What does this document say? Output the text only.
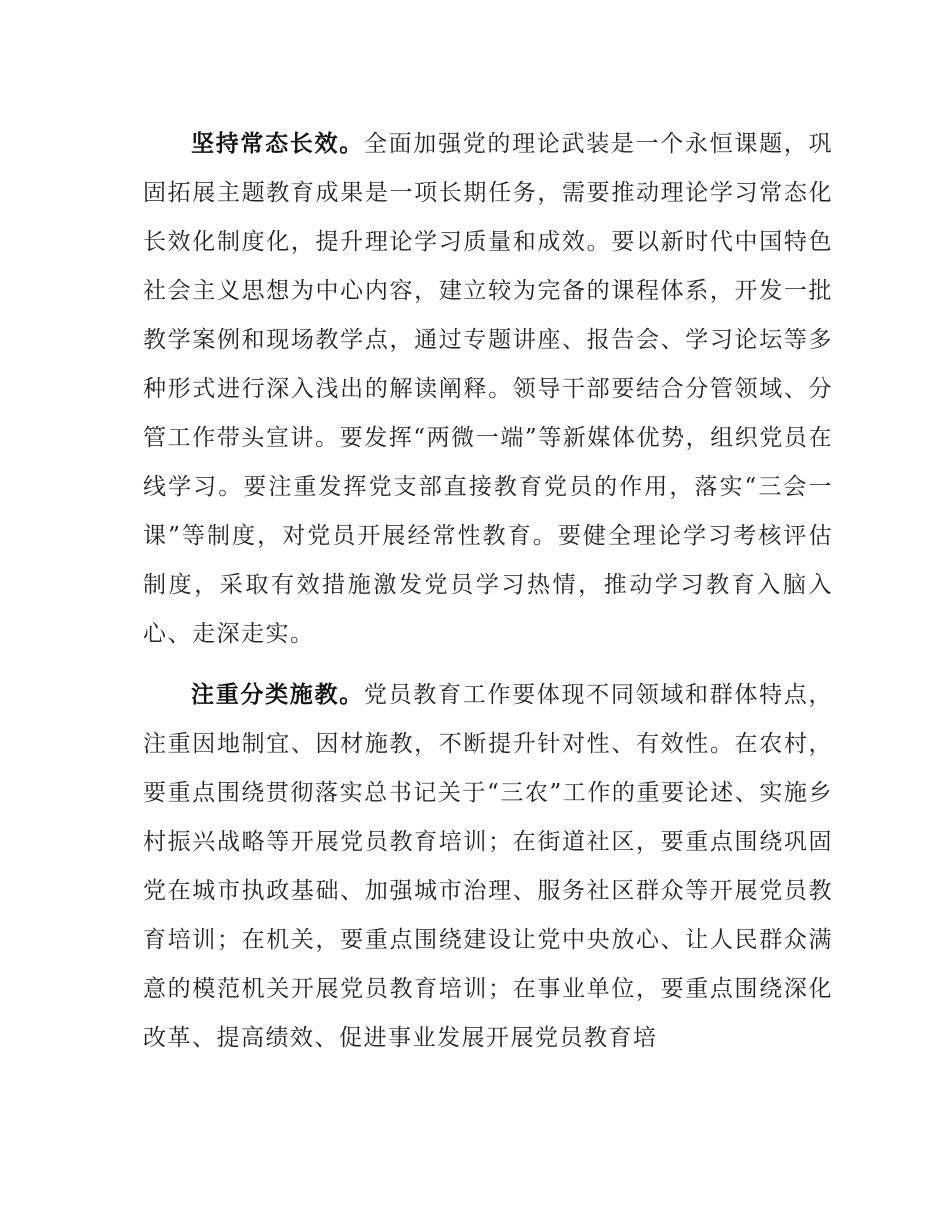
坚持常态长效。全面加强党的理论武装是一个永恒课题，巩固拓展主题教育成果是一项长期任务，需要推动理论学习常态化长效化制度化，提升理论学习质量和成效。要以新时代中国特色社会主义思想为中心内容，建立较为完备的课程体系，开发一批教学案例和现场教学点，通过专题讲座、报告会、学习论坛等多种形式进行深入浅出的解读阐释。领导干部要结合分管领域、分管工作带头宣讲。要发挥“两微一端”等新媒体优势，组织党员在线学习。要注重发挥党支部直接教育党员的作用，落实“三会一课”等制度，对党员开展经常性教育。要健全理论学习考核评估制度，采取有效措施激发党员学习热情，推动学习教育入脑入心、走深走实。

注重分类施教。党员教育工作要体现不同领域和群体特点，注重因地制宜、因材施教，不断提升针对性、有效性。在农村，要重点围绕贯彻落实总书记关于“三农”工作的重要论述、实施乡村振兴战略等开展党员教育培训；在街道社区，要重点围绕巩固党在城市执政基础、加强城市治理、服务社区群众等开展党员教育培训；在机关，要重点围绕建设让党中央放心、让人民群众满意的模范机关开展党员教育培训；在事业单位，要重点围绕深化改革、提高绩效、促进事业发展开展党员教育培
